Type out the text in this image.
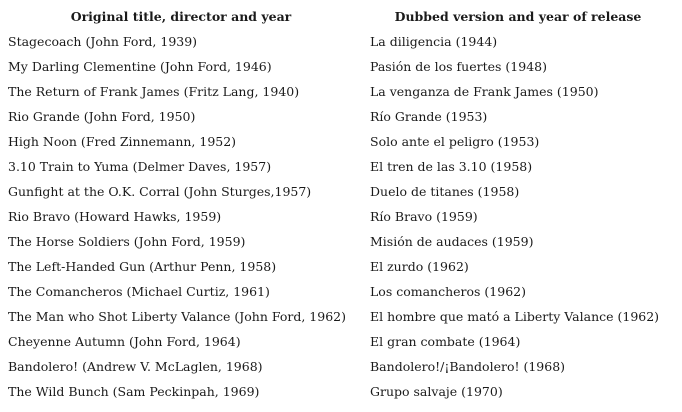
Original title, director and year	Dubbed version and year of release
Stagecoach (John Ford, 1939)	La diligencia (1944)
My Darling Clementine (John Ford, 1946)	Pasión de los fuertes (1948)
The Return of Frank James (Fritz Lang, 1940)	La venganza de Frank James (1950)
Rio Grande (John Ford, 1950)	Río Grande (1953)
High Noon (Fred Zinnemann, 1952)	Solo ante el peligro (1953)
3.10 Train to Yuma (Delmer Daves, 1957)	El tren de las 3.10 (1958)
Gunfight at the O.K. Corral (John Sturges,1957)	Duelo de titanes (1958)
Rio Bravo (Howard Hawks, 1959)	Río Bravo (1959)
The Horse Soldiers (John Ford, 1959)	Misión de audaces (1959)
The Left-Handed Gun (Arthur Penn, 1958)	El zurdo (1962)
The Comancheros (Michael Curtiz, 1961)	Los comancheros (1962)
The Man who Shot Liberty Valance (John Ford, 1962)	El hombre que mató a Liberty Valance (1962)
Cheyenne Autumn (John Ford, 1964)	El gran combate (1964)
Bandolero! (Andrew V. McLaglen, 1968)	Bandolero!/¡Bandolero! (1968)
The Wild Bunch (Sam Peckinpah, 1969)	Grupo salvaje (1970)
